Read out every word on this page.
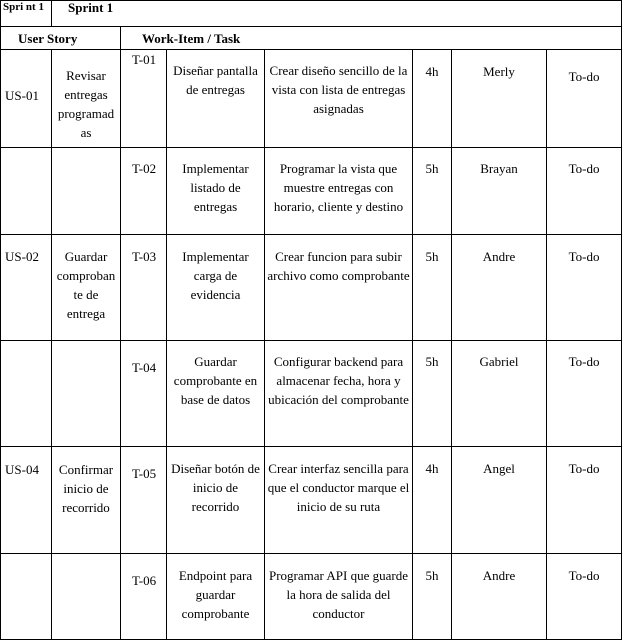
Spri nt 1	Sprint 1						
User Story		Work-Item / Task					
US-01	Revisar entregas programad as	T-01	Diseñar pantalla de entregas	Crear diseño sencillo de la vista con lista de entregas asignadas	4h	Merly	To-do
		T-02	Implementar listado de entregas	Programar la vista que muestre entregas con horario, cliente y destino	5h	Brayan	To-do
US-02	Guardar comproban te de entrega	T-03	Implementar carga de evidencia	Crear funcion para subir archivo como comprobante	5h	Andre	To-do
		T-04	Guardar comprobante en base de datos	Configurar backend para almacenar fecha, hora y ubicación del comprobante	5h	Gabriel	To-do
US-04	Confirmar inicio de recorrido	T-05	Diseñar botón de inicio de recorrido	Crear interfaz sencilla para que el conductor marque el inicio de su ruta	4h	Angel	To-do
		T-06	Endpoint para guardar comprobante	Programar API que guarde la hora de salida del conductor	5h	Andre	To-do
